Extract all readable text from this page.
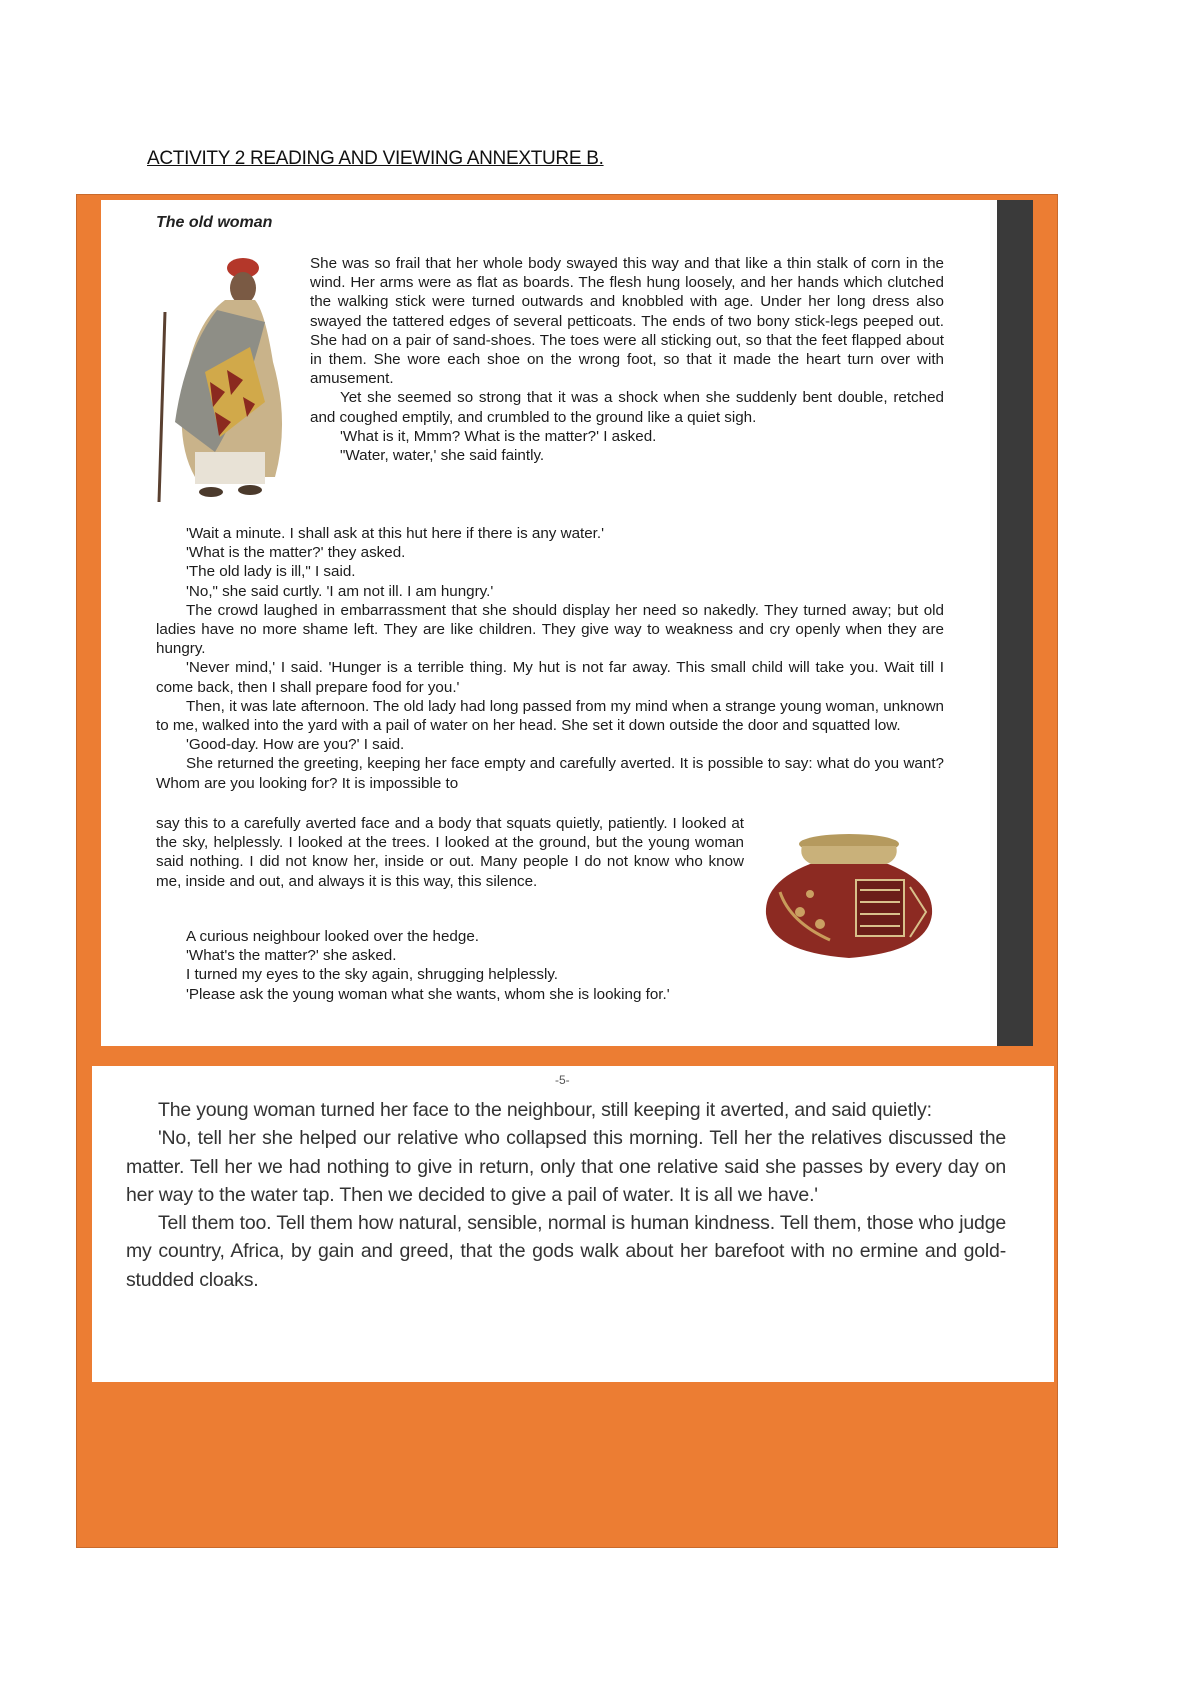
ACTIVITY 2 READING AND VIEWING ANNEXTURE B.
The old woman

She was so frail that her whole body swayed this way and that like a thin stalk of corn in the wind. Her arms were as flat as boards. The flesh hung loosely, and her hands which clutched the walking stick were turned outwards and knobbled with age. Under her long dress also swayed the tattered edges of several petticoats. The ends of two bony stick-legs peeped out. She had on a pair of sand-shoes. The toes were all sticking out, so that the feet flapped about in them. She wore each shoe on the wrong foot, so that it made the heart turn over with amusement.

Yet she seemed so strong that it was a shock when she suddenly bent double, retched and coughed emptily, and crumbled to the ground like a quiet sigh.

'What is it, Mmm? What is the matter?' I asked.

"Water, water,' she said faintly.

'Wait a minute. I shall ask at this hut here if there is any water.'

'What is the matter?' they asked.

'The old lady is ill," I said.

'No," she said curtly. 'I am not ill. I am hungry.'

The crowd laughed in embarrassment that she should display her need so nakedly. They turned away; but old ladies have no more shame left. They are like children. They give way to weakness and cry openly when they are hungry.

'Never mind,' I said. 'Hunger is a terrible thing. My hut is not far away. This small child will take you. Wait till I come back, then I shall prepare food for you.'

Then, it was late afternoon. The old lady had long passed from my mind when a strange young woman, unknown to me, walked into the yard with a pail of water on her head. She set it down outside the door and squatted low.

'Good-day. How are you?' I said.

She returned the greeting, keeping her face empty and carefully averted. It is possible to say: what do you want? Whom are you looking for? It is impossible to

say this to a carefully averted face and a body that squats quietly, patiently. I looked at the sky, helplessly. I looked at the trees. I looked at the ground, but the young woman said nothing. I did not know her, inside or out. Many people I do not know who know me, inside and out, and always it is this way, this silence.

A curious neighbour looked over the hedge.

'What's the matter?' she asked.

I turned my eyes to the sky again, shrugging helplessly.

'Please ask the young woman what she wants, whom she is looking for.'

-5-

The young woman turned her face to the neighbour, still keeping it averted, and said quietly:

'No, tell her she helped our relative who collapsed this morning. Tell her the relatives discussed the matter. Tell her we had nothing to give in return, only that one relative said she passes by every day on her way to the water tap. Then we decided to give a pail of water. It is all we have.'

Tell them too. Tell them how natural, sensible, normal is human kindness. Tell them, those who judge my country, Africa, by gain and greed, that the gods walk about her barefoot with no ermine and gold-studded cloaks.
